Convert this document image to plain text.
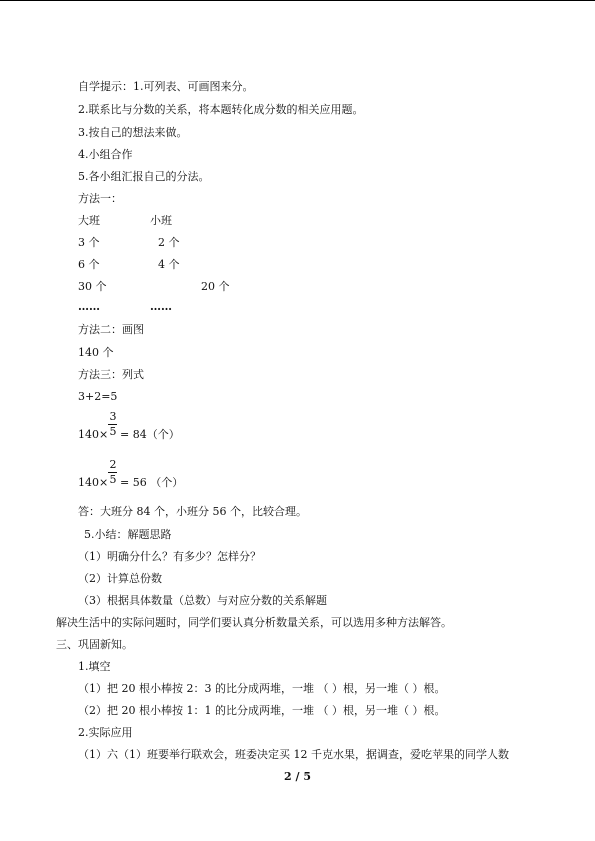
自学提示：1.可列表、可画图来分。
2.联系比与分数的关系，将本题转化成分数的相关应用题。
3.按自己的想法来做。
4.小组合作
5.各小组汇报自己的分法。
方法一：
大班	小班
3 个	2 个
6 个	4 个
30 个	20 个
……	……
方法二：画图
140 个
方法三：列式
3+2=5
3
140× 5 = 84（个）
2
140× 5 = 56 （个）
答：大班分 84 个，小班分 56 个，比较合理。
5.小结：解题思路
（1）明确分什么？有多少？怎样分？
（2）计算总份数
（3）根据具体数量（总数）与对应分数的关系解题
解决生活中的实际问题时，同学们要认真分析数量关系，可以选用多种方法解答。
三、巩固新知。
1.填空
（1）把 20 根小棒按 2：3 的比分成两堆，一堆 （ ）根，另一堆（ ）根。
（2）把 20 根小棒按 1：1 的比分成两堆，一堆 （ ）根，另一堆（ ）根。
2.实际应用
（1）六（1）班要举行联欢会，班委决定买 12 千克水果，据调查，爱吃苹果的同学人数
2 / 5
